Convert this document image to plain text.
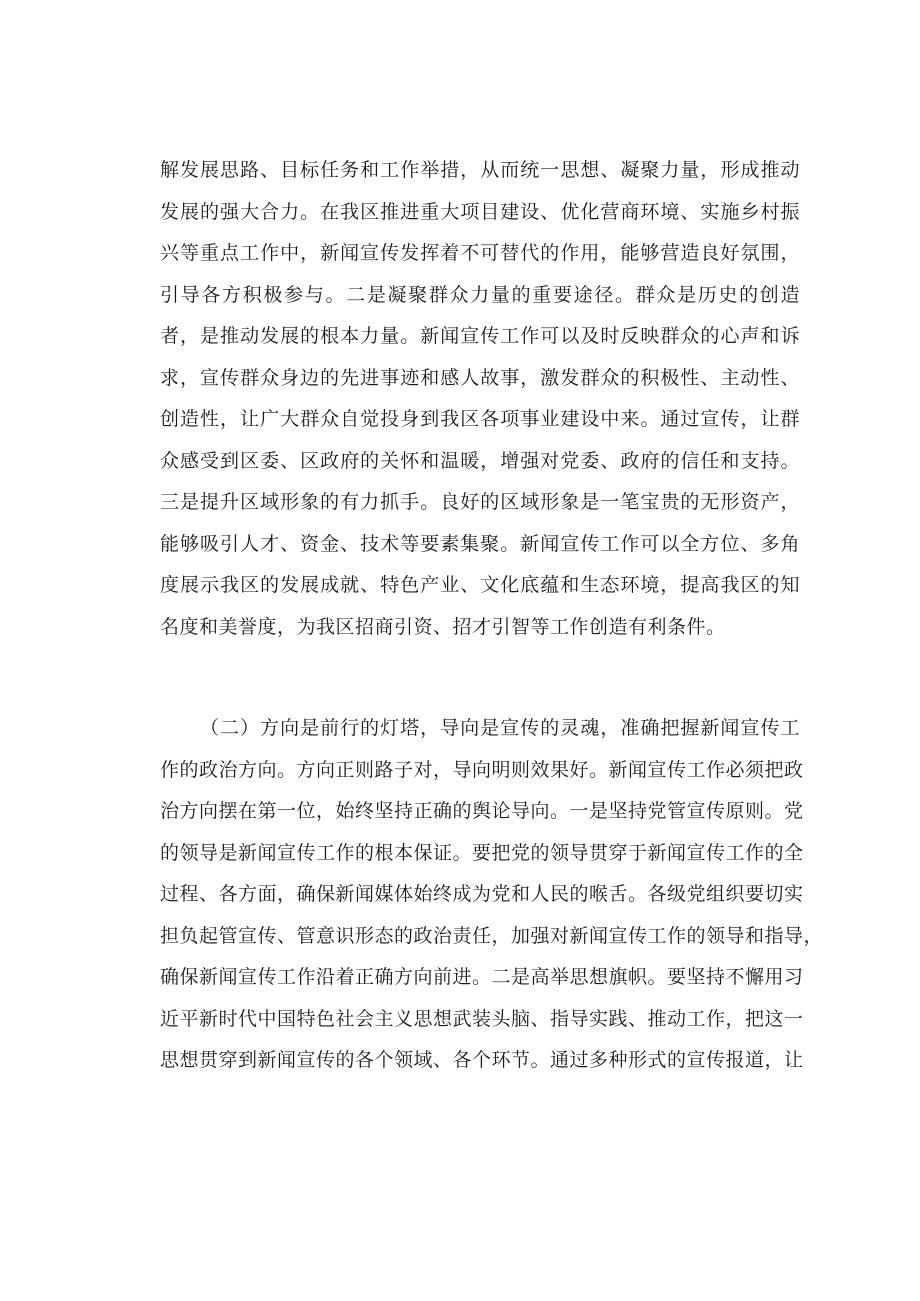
解发展思路、目标任务和工作举措，从而统一思想、凝聚力量，形成推动
发展的强大合力。在我区推进重大项目建设、优化营商环境、实施乡村振
兴等重点工作中，新闻宣传发挥着不可替代的作用，能够营造良好氛围，
引导各方积极参与。二是凝聚群众力量的重要途径。群众是历史的创造
者，是推动发展的根本力量。新闻宣传工作可以及时反映群众的心声和诉
求，宣传群众身边的先进事迹和感人故事，激发群众的积极性、主动性、
创造性，让广大群众自觉投身到我区各项事业建设中来。通过宣传，让群
众感受到区委、区政府的关怀和温暖，增强对党委、政府的信任和支持。
三是提升区域形象的有力抓手。良好的区域形象是一笔宝贵的无形资产，
能够吸引人才、资金、技术等要素集聚。新闻宣传工作可以全方位、多角
度展示我区的发展成就、特色产业、文化底蕴和生态环境，提高我区的知
名度和美誉度，为我区招商引资、招才引智等工作创造有利条件。
（二）方向是前行的灯塔，导向是宣传的灵魂，准确把握新闻宣传工
作的政治方向。方向正则路子对，导向明则效果好。新闻宣传工作必须把政
治方向摆在第一位，始终坚持正确的舆论导向。一是坚持党管宣传原则。党
的领导是新闻宣传工作的根本保证。要把党的领导贯穿于新闻宣传工作的全
过程、各方面，确保新闻媒体始终成为党和人民的喉舌。各级党组织要切实
担负起管宣传、管意识形态的政治责任，加强对新闻宣传工作的领导和指导，
确保新闻宣传工作沿着正确方向前进。二是高举思想旗帜。要坚持不懈用习
近平新时代中国特色社会主义思想武装头脑、指导实践、推动工作，把这一
思想贯穿到新闻宣传的各个领域、各个环节。通过多种形式的宣传报道，让
